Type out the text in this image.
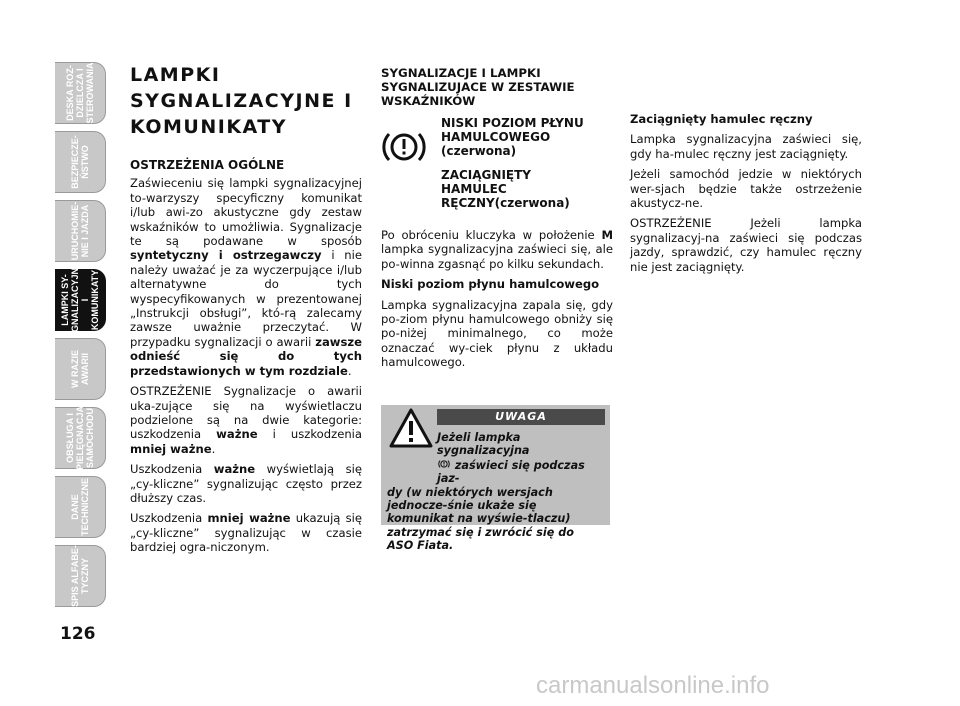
DESKA ROZ-
DZIELCZA I
STEROWANIA
BEZPIECZE-
ŃSTWO
URUCHOMIE-
NIE I JAZDA
LAMPKI SY-
GNALIZACYJNE
I KOMUNIKATY
W RAZIE
AWARII
OBSŁUGA I
PIELĘGNACJA
SAMOCHODU
DANE
TECHNICZNE
SPIS ALFABE-
TYCZNY
126
LAMPKI SYGNALIZACYJNE I KOMUNIKATY
OSTRZEŻENIA OGÓLNE

Zaświeceniu się lampki sygnalizacyjnej to-warzyszy specyficzny komunikat i/lub awi-zo akustyczne gdy zestaw wskaźników to umożliwia. Sygnalizacje te są podawane w sposób syntetyczny i ostrzegawczy i nie należy uważać je za wyczerpujące i/lub alternatywne do tych wyspecyfikowanych w prezentowanej „Instrukcji obsługi”, któ-rą zalecamy zawsze uważnie przeczytać. W przypadku sygnalizacji o awarii zawsze odnieść się do tych przedstawionych w tym rozdziale.

OSTRZEŻENIE Sygnalizacje o awarii uka-zujące się na wyświetlaczu podzielone są na dwie kategorie: uszkodzenia ważne i uszkodzenia mniej ważne.

Uszkodzenia ważne wyświetlają się „cy-kliczne” sygnalizując często przez dłuższy czas.

Uszkodzenia mniej ważne ukazują się „cy-kliczne” sygnalizując w czasie bardziej ogra-niczonym.

SYGNALIZACJE I LAMPKI SYGNALIZUJACE W ZESTAWIE WSKAŹNIKÓW
NISKI POZIOM PŁYNU HAMULCOWEGO (czerwona)
ZACIĄGNIĘTY HAMULEC RĘCZNY(czerwona)

Po obróceniu kluczyka w położenie M lampka sygnalizacyjna zaświeci się, ale po-winna zgasnąć po kilku sekundach.

Niski poziom płynu hamulcowego

Lampka sygnalizacyjna zapala się, gdy po-ziom płynu hamulcowego obniży się po-niżej minimalnego, co może oznaczać wy-ciek płynu z układu hamulcowego.

UWAGA
Jeżeli lampka sygnalizacyjna
zaświeci się podczas jaz-
dy (w niektórych wersjach jednocze-śnie ukaże się komunikat na wyświe-tlaczu) zatrzymać się i zwrócić się do ASO Fiata.

Zaciągnięty hamulec ręczny

Lampka sygnalizacyjna zaświeci się, gdy ha-mulec ręczny jest zaciągnięty.

Jeżeli samochód jedzie w niektórych wer-sjach będzie także ostrzeżenie akustycz-ne.

OSTRZEŻENIE Jeżeli lampka sygnalizacyj-na zaświeci się podczas jazdy, sprawdzić, czy hamulec ręczny nie jest zaciągnięty.

carmanualsonline.info
